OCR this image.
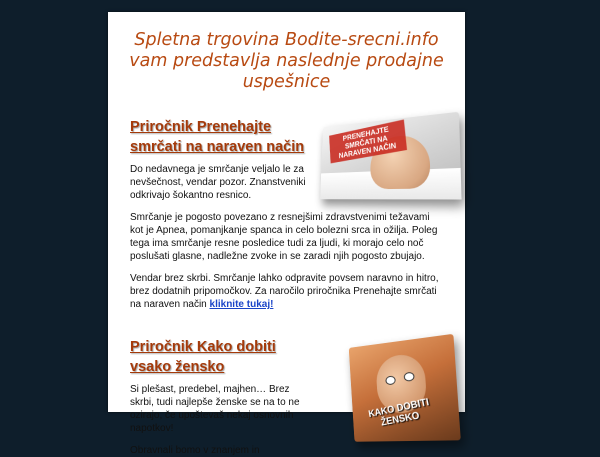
Spletna trgovina Bodite-srecni.info vam predstavlja naslednje prodajne uspešnice
PRENEHAJTE SMRČATI NA NARAVEN NAČIN
Priročnik Prenehajte smrčati na naraven način

Do nedavnega je smrčanje veljalo le za nevšečnost, vendar pozor. Znanstveniki odkrivajo šokantno resnico.

Smrčanje je pogosto povezano z resnejšimi zdravstvenimi težavami kot je Apnea, pomanjkanje spanca in celo bolezni srca in ožilja. Poleg tega ima smrčanje resne posledice tudi za ljudi, ki morajo celo noč poslušati glasne, nadležne zvoke in se zaradi njih pogosto zbujajo.

Vendar brez skrbi. Smrčanje lahko odpravite povsem naravno in hitro, brez dodatnih pripomočkov. Za naročilo priročnika Prenehajte smrčati na naraven način kliknite tukaj!

KAKO DOBITI ŽENSKO
Priročnik Kako dobiti vsako žensko

Si plešast, predebel, majhen… Brez skrbi, tudi najlepše ženske se na to ne ozirajo, če upoštevaš nekaj osnovnih napotkov!

Obravnali bomo v znanjem in
